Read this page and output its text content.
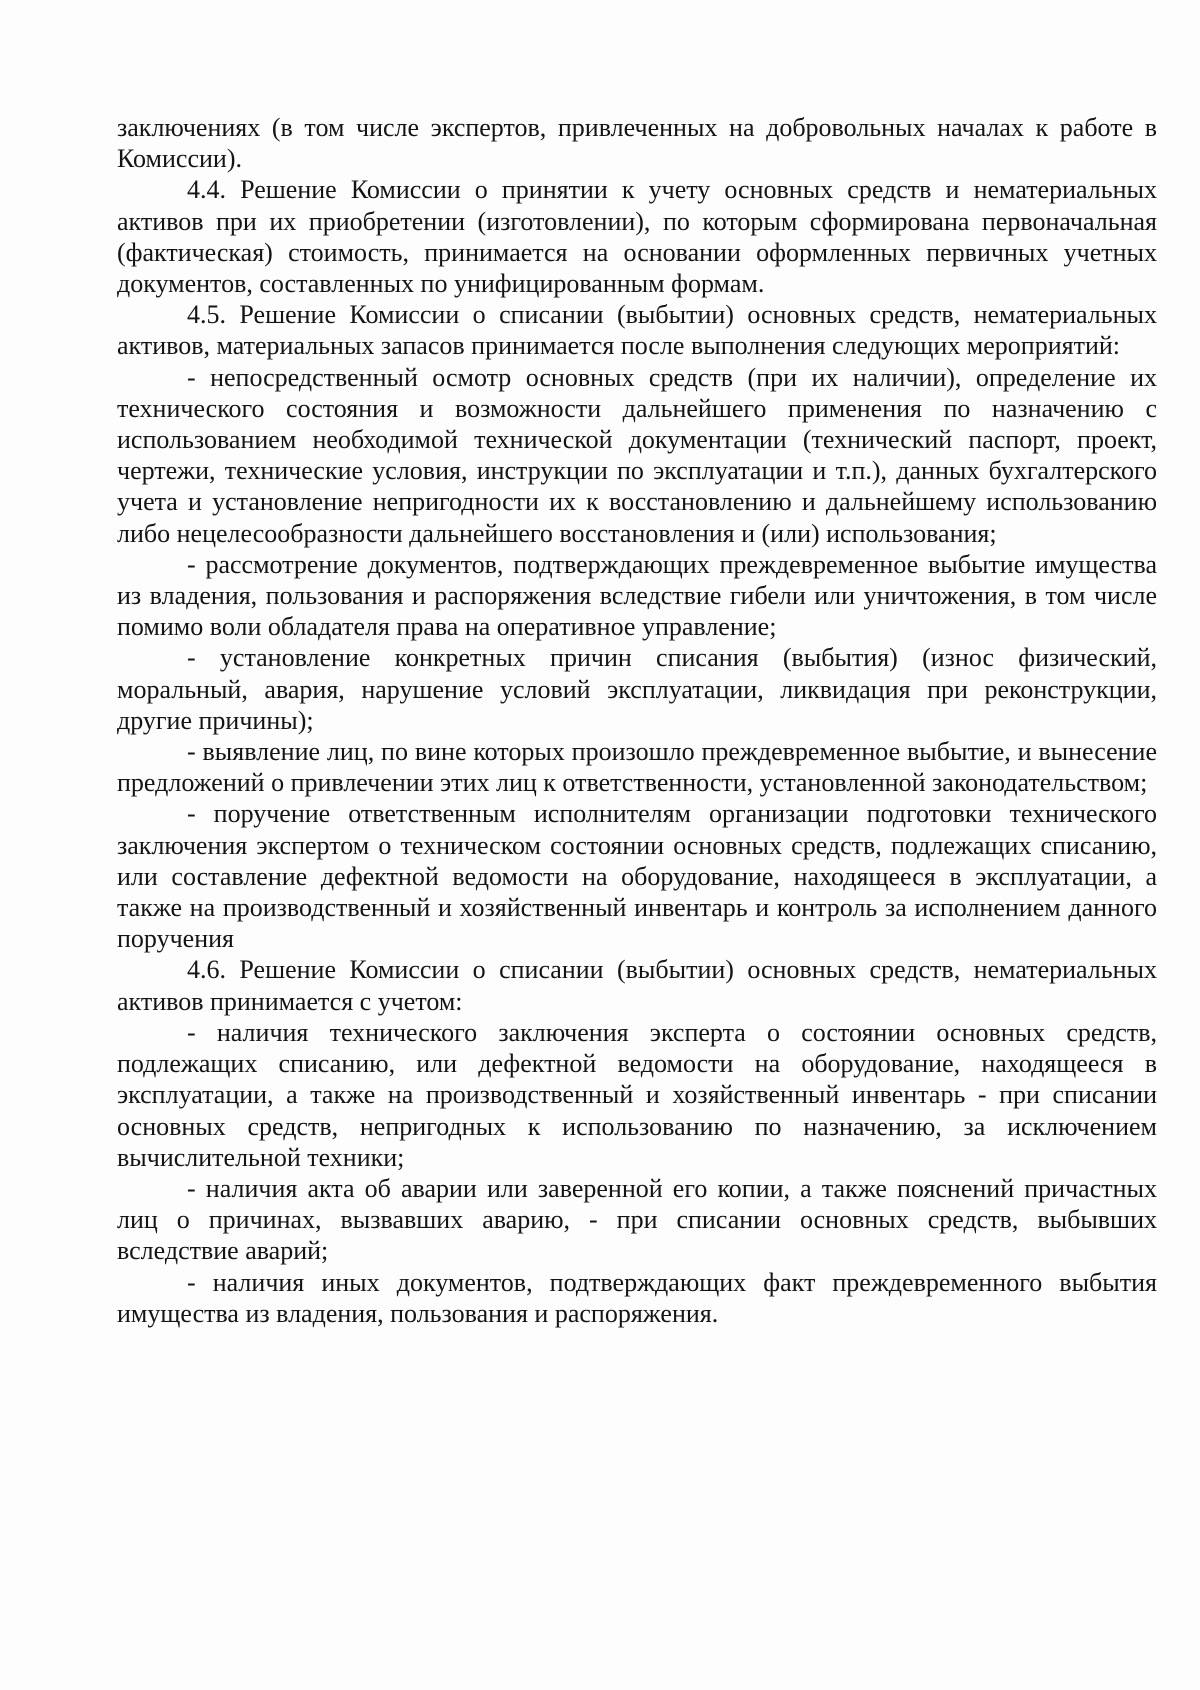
заключениях (в том числе экспертов, привлеченных на добровольных началах к работе в Комиссии).

4.4. Решение Комиссии о принятии к учету основных средств и нематериальных активов при их приобретении (изготовлении), по которым сформирована первоначальная (фактическая) стоимость, принимается на основании оформленных первичных учетных документов, составленных по унифицированным формам.

4.5. Решение Комиссии о списании (выбытии) основных средств, нематериальных активов, материальных запасов принимается после выполнения следующих мероприятий:

- непосредственный осмотр основных средств (при их наличии), определение их технического состояния и возможности дальнейшего применения по назначению с использованием необходимой технической документации (технический паспорт, проект, чертежи, технические условия, инструкции по эксплуатации и т.п.), данных бухгалтерского учета и установление непригодности их к восстановлению и дальнейшему использованию либо нецелесообразности дальнейшего восстановления и (или) использования;

- рассмотрение документов, подтверждающих преждевременное выбытие имущества из владения, пользования и распоряжения вследствие гибели или уничтожения, в том числе помимо воли обладателя права на оперативное управление;

- установление конкретных причин списания (выбытия) (износ физический, моральный, авария, нарушение условий эксплуатации, ликвидация при реконструкции, другие причины);

- выявление лиц, по вине которых произошло преждевременное выбытие, и вынесение предложений о привлечении этих лиц к ответственности, установленной законодательством;

- поручение ответственным исполнителям организации подготовки технического заключения экспертом о техническом состоянии основных средств, подлежащих списанию, или составление дефектной ведомости на оборудование, находящееся в эксплуатации, а также на производственный и хозяйственный инвентарь и контроль за исполнением данного поручения

4.6. Решение Комиссии о списании (выбытии) основных средств, нематериальных активов принимается с учетом:

- наличия технического заключения эксперта о состоянии основных средств, подлежащих списанию, или дефектной ведомости на оборудование, находящееся в эксплуатации, а также на производственный и хозяйственный инвентарь - при списании основных средств, непригодных к использованию по назначению, за исключением вычислительной техники;

- наличия акта об аварии или заверенной его копии, а также пояснений причастных лиц о причинах, вызвавших аварию, - при списании основных средств, выбывших вследствие аварий;

- наличия иных документов, подтверждающих факт преждевременного выбытия имущества из владения, пользования и распоряжения.
